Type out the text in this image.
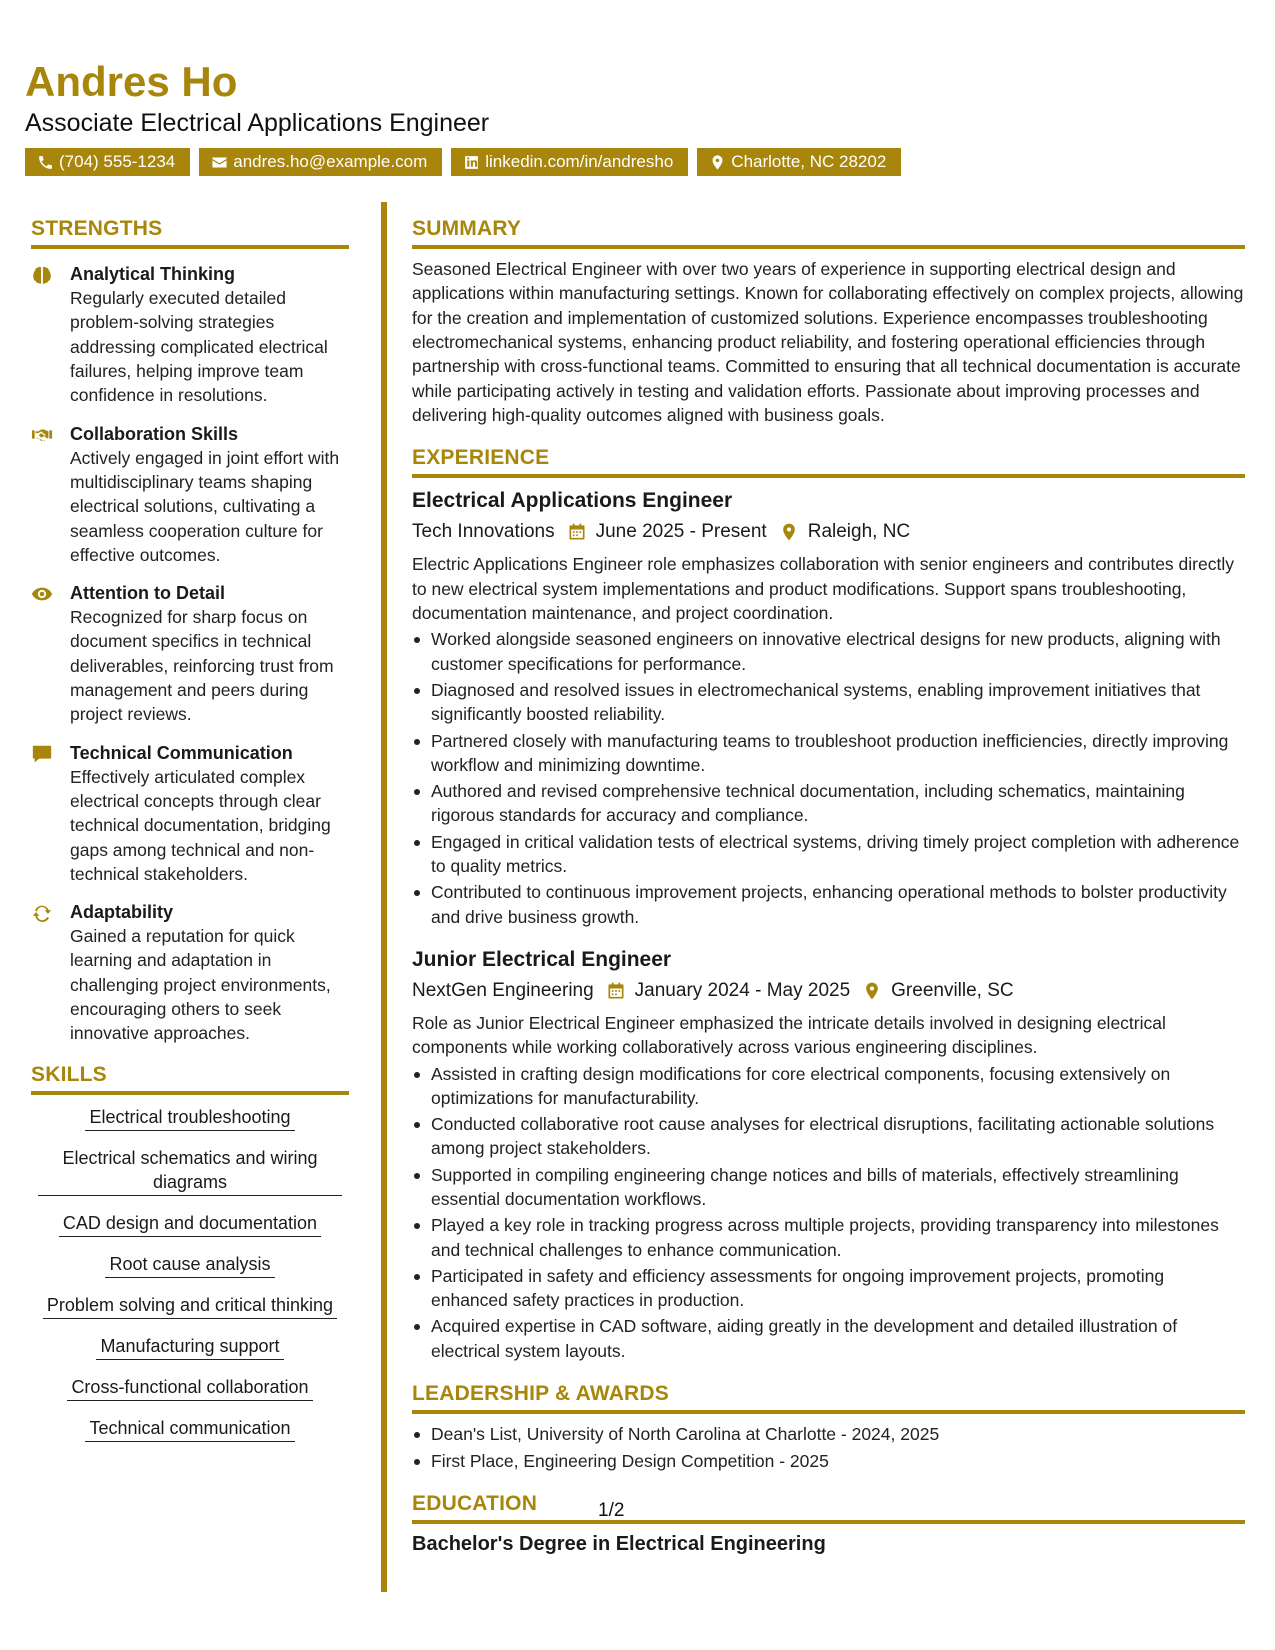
Andres Ho
Associate Electrical Applications Engineer
(704) 555-1234	andres.ho@example.com	linkedin.com/in/andresho	Charlotte, NC 28202
STRENGTHS
Analytical Thinking
Regularly executed detailed problem-solving strategies addressing complicated electrical failures, helping improve team confidence in resolutions.
Collaboration Skills
Actively engaged in joint effort with multidisciplinary teams shaping electrical solutions, cultivating a seamless cooperation culture for effective outcomes.
Attention to Detail
Recognized for sharp focus on document specifics in technical deliverables, reinforcing trust from management and peers during project reviews.
Technical Communication
Effectively articulated complex electrical concepts through clear technical documentation, bridging gaps among technical and non-technical stakeholders.
Adaptability
Gained a reputation for quick learning and adaptation in challenging project environments, encouraging others to seek innovative approaches.
SKILLS
Electrical troubleshooting
Electrical schematics and wiring diagrams
CAD design and documentation
Root cause analysis
Problem solving and critical thinking
Manufacturing support
Cross-functional collaboration
Technical communication
SUMMARY
Seasoned Electrical Engineer with over two years of experience in supporting electrical design and applications within manufacturing settings. Known for collaborating effectively on complex projects, allowing for the creation and implementation of customized solutions. Experience encompasses troubleshooting electromechanical systems, enhancing product reliability, and fostering operational efficiencies through partnership with cross-functional teams. Committed to ensuring that all technical documentation is accurate while participating actively in testing and validation efforts. Passionate about improving processes and delivering high-quality outcomes aligned with business goals.
EXPERIENCE
Electrical Applications Engineer
Tech Innovations June 2025 - Present Raleigh, NC
Electric Applications Engineer role emphasizes collaboration with senior engineers and contributes directly to new electrical system implementations and product modifications. Support spans troubleshooting, documentation maintenance, and project coordination.
Worked alongside seasoned engineers on innovative electrical designs for new products, aligning with customer specifications for performance.
Diagnosed and resolved issues in electromechanical systems, enabling improvement initiatives that significantly boosted reliability.
Partnered closely with manufacturing teams to troubleshoot production inefficiencies, directly improving workflow and minimizing downtime.
Authored and revised comprehensive technical documentation, including schematics, maintaining rigorous standards for accuracy and compliance.
Engaged in critical validation tests of electrical systems, driving timely project completion with adherence to quality metrics.
Contributed to continuous improvement projects, enhancing operational methods to bolster productivity and drive business growth.
Junior Electrical Engineer
NextGen Engineering January 2024 - May 2025 Greenville, SC
Role as Junior Electrical Engineer emphasized the intricate details involved in designing electrical components while working collaboratively across various engineering disciplines.
Assisted in crafting design modifications for core electrical components, focusing extensively on optimizations for manufacturability.
Conducted collaborative root cause analyses for electrical disruptions, facilitating actionable solutions among project stakeholders.
Supported in compiling engineering change notices and bills of materials, effectively streamlining essential documentation workflows.
Played a key role in tracking progress across multiple projects, providing transparency into milestones and technical challenges to enhance communication.
Participated in safety and efficiency assessments for ongoing improvement projects, promoting enhanced safety practices in production.
Acquired expertise in CAD software, aiding greatly in the development and detailed illustration of electrical system layouts.
LEADERSHIP & AWARDS
Dean's List, University of North Carolina at Charlotte - 2024, 2025
First Place, Engineering Design Competition - 2025
EDUCATION
Bachelor's Degree in Electrical Engineering
1/2
